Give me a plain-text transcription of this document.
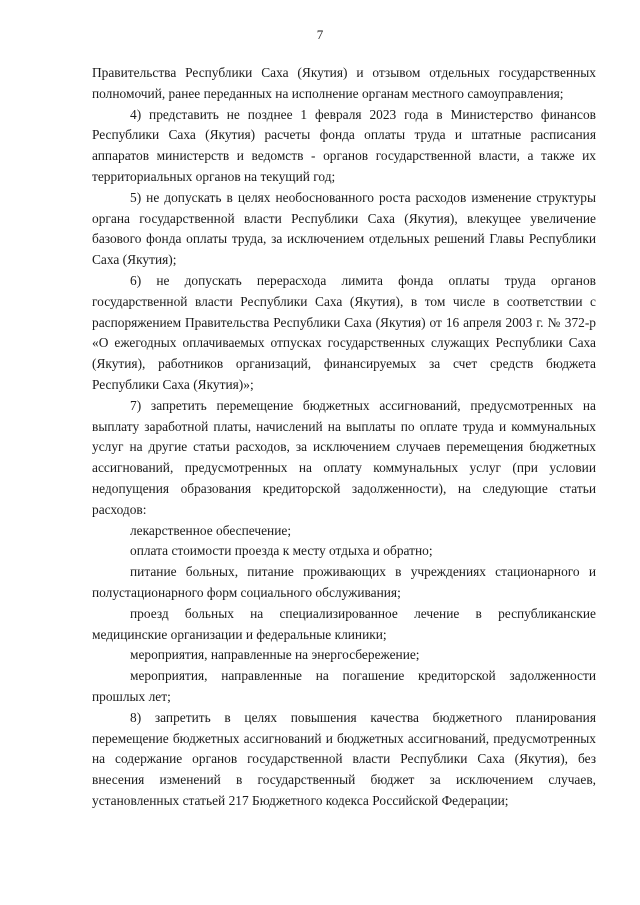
7

Правительства Республики Саха (Якутия) и отзывом отдельных государственных полномочий, ранее переданных на исполнение органам местного самоуправления;

4) представить не позднее 1 февраля 2023 года в Министерство финансов Республики Саха (Якутия) расчеты фонда оплаты труда и штатные расписания аппаратов министерств и ведомств - органов государственной власти, а также их территориальных органов на текущий год;

5) не допускать в целях необоснованного роста расходов изменение структуры органа государственной власти Республики Саха (Якутия), влекущее увеличение базового фонда оплаты труда, за исключением отдельных решений Главы Республики Саха (Якутия);

6) не допускать перерасхода лимита фонда оплаты труда органов государственной власти Республики Саха (Якутия), в том числе в соответствии с распоряжением Правительства Республики Саха (Якутия) от 16 апреля 2003 г. № 372-р «О ежегодных оплачиваемых отпусках государственных служащих Республики Саха (Якутия), работников организаций, финансируемых за счет средств бюджета Республики Саха (Якутия)»;

7) запретить перемещение бюджетных ассигнований, предусмотренных на выплату заработной платы, начислений на выплаты по оплате труда и коммунальных услуг на другие статьи расходов, за исключением случаев перемещения бюджетных ассигнований, предусмотренных на оплату коммунальных услуг (при условии недопущения образования кредиторской задолженности), на следующие статьи расходов:

лекарственное обеспечение;

оплата стоимости проезда к месту отдыха и обратно;

питание больных, питание проживающих в учреждениях стационарного и полустационарного форм социального обслуживания;

проезд больных на специализированное лечение в республиканские медицинские организации и федеральные клиники;

мероприятия, направленные на энергосбережение;

мероприятия, направленные на погашение кредиторской задолженности прошлых лет;

8) запретить в целях повышения качества бюджетного планирования перемещение бюджетных ассигнований и бюджетных ассигнований, предусмотренных на содержание органов государственной власти Республики Саха (Якутия), без внесения изменений в государственный бюджет за исключением случаев, установленных статьей 217 Бюджетного кодекса Российской Федерации;
